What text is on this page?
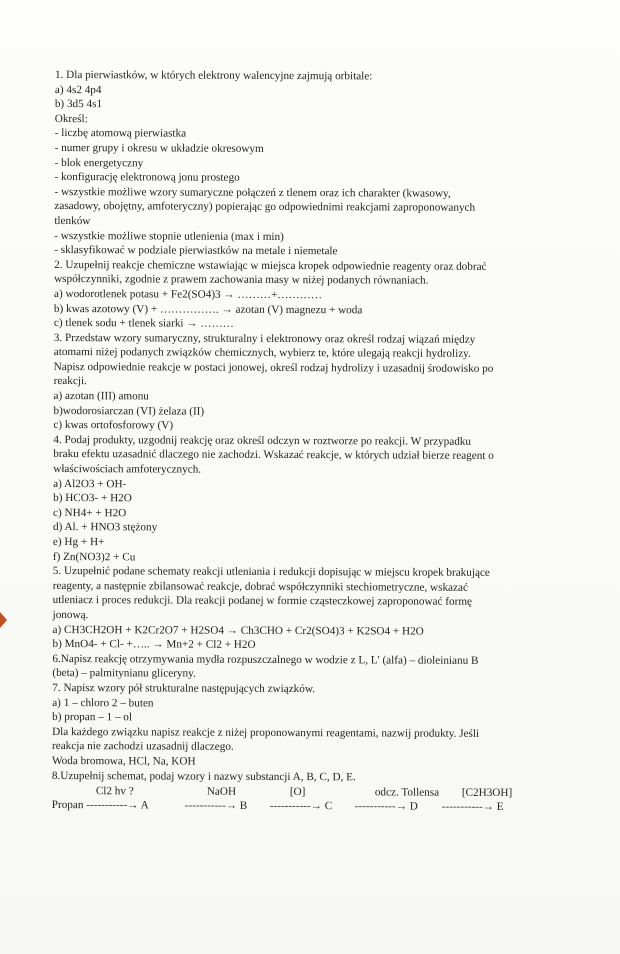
1. Dla pierwiastków, w których elektrony walencyjne zajmują orbitale:
a) 4s2 4p4
b) 3d5 4s1
Określ:
- liczbę atomową pierwiastka
- numer grupy i okresu w układzie okresowym
- blok energetyczny
- konfigurację elektronową jonu prostego
- wszystkie możliwe wzory sumaryczne połączeń z tlenem oraz ich charakter (kwasowy,
zasadowy, obojętny, amfoteryczny) popierając go odpowiednimi reakcjami zaproponowanych
tlenków
- wszystkie możliwe stopnie utlenienia (max i min)
- sklasyfikować w podziale pierwiastków na metale i niemetale
2. Uzupełnij reakcje chemiczne wstawiając w miejsca kropek odpowiednie reagenty oraz dobrać
współczynniki, zgodnie z prawem zachowania masy w niżej podanych równaniach.
a) wodorotlenek potasu + Fe2(SO4)3 → ………+…………
b) kwas azotowy (V) + ……………. → azotan (V) magnezu + woda
c) tlenek sodu + tlenek siarki → ………
3. Przedstaw wzory sumaryczny, strukturalny i elektronowy oraz określ rodzaj wiązań między
atomami niżej podanych związków chemicznych, wybierz te, które ulegają reakcji hydrolizy.
Napisz odpowiednie reakcje w postaci jonowej, określ rodzaj hydrolizy i uzasadnij środowisko po
reakcji.
a) azotan (III) amonu
b)wodorosiarczan (VI) żelaza (II)
c) kwas ortofosforowy (V)
4. Podaj produkty, uzgodnij reakcję oraz określ odczyn w roztworze po reakcji. W przypadku
braku efektu uzasadnić dlaczego nie zachodzi. Wskazać reakcje, w których udział bierze reagent o
właściwościach amfoterycznych.
a) Al2O3 + OH-
b) HCO3- + H2O
c) NH4+ + H2O
d) Al. + HNO3 stężony
e) Hg + H+
f) Zn(NO3)2 + Cu
5. Uzupełnić podane schematy reakcji utleniania i redukcji dopisując w miejscu kropek brakujące
reagenty, a następnie zbilansować reakcje, dobrać współczynniki stechiometryczne, wskazać
utleniacz i proces redukcji. Dla reakcji podanej w formie cząsteczkowej zaproponować formę
jonową.
a) CH3CH2OH + K2Cr2O7 + H2SO4 → Ch3CHO + Cr2(SO4)3 + K2SO4 + H2O
b) MnO4- + Cl- +….. → Mn+2 + Cl2 + H2O
6.Napisz reakcję otrzymywania mydła rozpuszczalnego w wodzie z L, L' (alfa) – dioleinianu B
(beta) – palmitynianu gliceryny.
7. Napisz wzory pół strukturalne następujących związków.
a) 1 – chloro 2 – buten
b) propan – 1 – ol
Dla każdego związku napisz reakcje z niżej proponowanymi reagentami, nazwij produkty. Jeśli
reakcja nie zachodzi uzasadnij dlaczego.
Woda bromowa, HCl, Na, KOH
8.Uzupełnij schemat, podaj wzory i nazwy substancji A, B, C, D, E.
Cl2 hv ?	NaOH	[O]	odcz. Tollensa [C2H3OH]
Propan -----------→ A	-----------→ B -----------→ C -----------→ D -----------→ E
